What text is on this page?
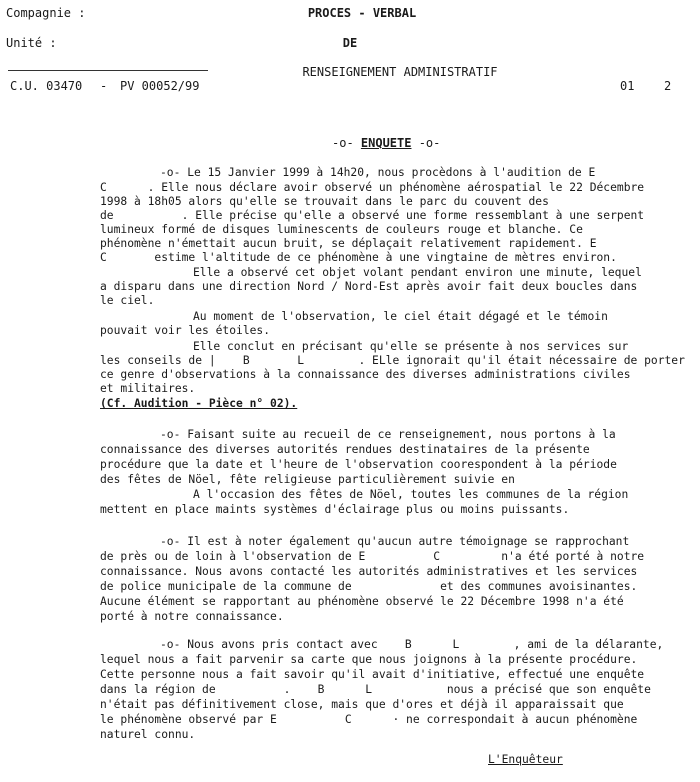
Compagnie :
Unité :
PROCES - VERBAL
DE
RENSEIGNEMENT ADMINISTRATIF
C.U. 03470 - PV 00052/99	01 2
-o- ENQUETE -o-
-o- Le 15 Janvier 1999 à 14h20, nous procèdons à l'audition de E
C      . Elle nous déclare avoir observé un phénomène aérospatial le 22 Décembre
1998 à 18h05 alors qu'elle se trouvait dans le parc du couvent des
de          . Elle précise qu'elle a observé une forme ressemblant à une serpent
lumineux formé de disques luminescents de couleurs rouge et blanche. Ce
phénomène n'émettait aucun bruit, se déplaçait relativement rapidement. E
C       estime l'altitude de ce phénomène à une vingtaine de mètres environ.
Elle a observé cet objet volant pendant environ une minute, lequel
a disparu dans une direction Nord / Nord-Est après avoir fait deux boucles dans
le ciel.
Au moment de l'observation, le ciel était dégagé et le témoin
pouvait voir les étoiles.
Elle conclut en précisant qu'elle se présente à nos services sur
les conseils de |    B       L        . ELle ignorait qu'il était nécessaire de porter
ce genre d'observations à la connaissance des diverses administrations civiles
et militaires.
(Cf. Audition - Pièce n° 02).
-o- Faisant suite au recueil de ce renseignement, nous portons à la
connaissance des diverses autorités rendues destinataires de la présente
procédure que la date et l'heure de l'observation coorespondent à la période
des fêtes de Nöel, fête religieuse particulièrement suivie en
A l'occasion des fêtes de Nöel, toutes les communes de la région
mettent en place maints systèmes d'éclairage plus ou moins puissants.
-o- Il est à noter également qu'aucun autre témoignage se rapprochant
de près ou de loin à l'observation de E          C         n'a été porté à notre
connaissance. Nous avons contacté les autorités administratives et les services
de police municipale de la commune de             et des communes avoisinantes.
Aucune élément se rapportant au phénomène observé le 22 Décembre 1998 n'a été
porté à notre connaissance.
-o- Nous avons pris contact avec    B      L        , ami de la délarante,
lequel nous a fait parvenir sa carte que nous joignons à la présente procédure.
Cette personne nous a fait savoir qu'il avait d'initiative, effectué une enquête
dans la région de          .    B      L           nous a précisé que son enquête
n'était pas définitivement close, mais que d'ores et déjà il apparaissait que
le phénomène observé par E          C      · ne correspondait à aucun phénomène
naturel connu.
L'Enquêteur
